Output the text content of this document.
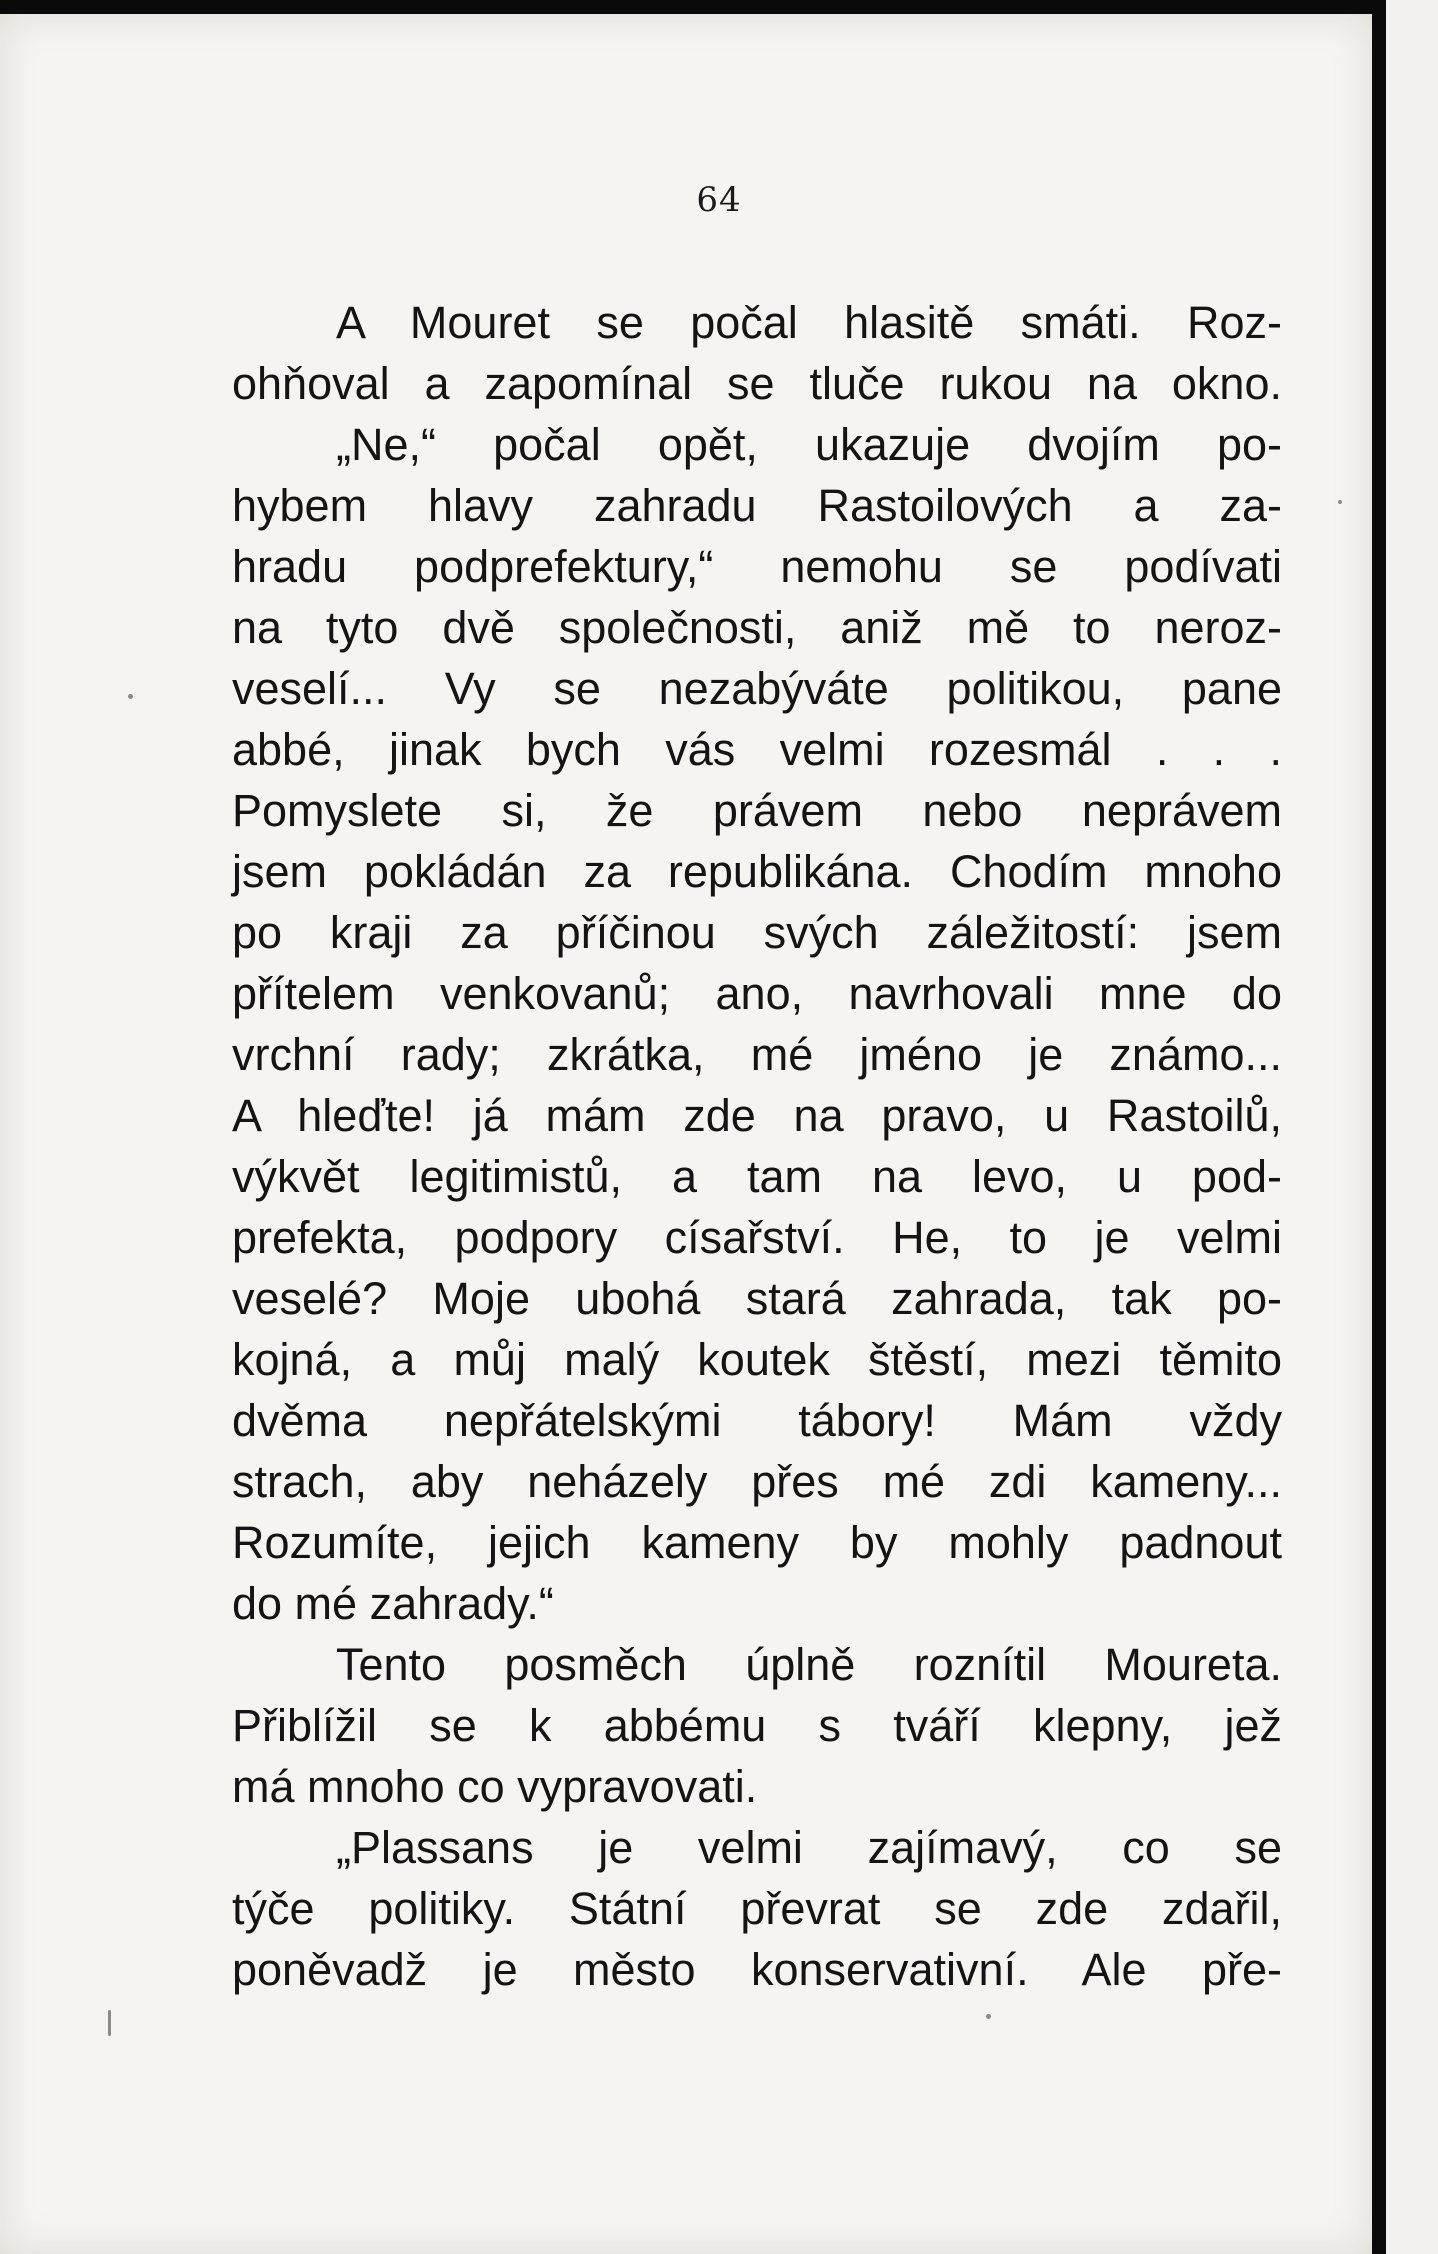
64
A Mouret se počal hlasitě smáti. Roz-
ohňoval a zapomínal se tluče rukou na okno.
„Ne,“ počal opět, ukazuje dvojím po-
hybem hlavy zahradu Rastoilových a za-
hradu podprefektury,“ nemohu se podívati
na tyto dvě společnosti, aniž mě to neroz-
veselí... Vy se nezabýváte politikou, pane
abbé, jinak bych vás velmi rozesmál . . .
Pomyslete si, že právem nebo neprávem
jsem pokládán za republikána. Chodím mnoho
po kraji za příčinou svých záležitostí: jsem
přítelem venkovanů; ano, navrhovali mne do
vrchní rady; zkrátka, mé jméno je známo...
A hleďte! já mám zde na pravo, u Rastoilů,
výkvět legitimistů, a tam na levo, u pod-
prefekta, podpory císařství. He, to je velmi
veselé? Moje ubohá stará zahrada, tak po-
kojná, a můj malý koutek štěstí, mezi těmito
dvěma nepřátelskými tábory! Mám vždy
strach, aby neházely přes mé zdi kameny...
Rozumíte, jejich kameny by mohly padnout
do mé zahrady.“
Tento posměch úplně roznítil Moureta.
Přiblížil se k abbému s tváří klepny, jež
má mnoho co vypravovati.
„Plassans je velmi zajímavý, co se
týče politiky. Státní převrat se zde zdařil,
poněvadž je město konservativní. Ale pře-
